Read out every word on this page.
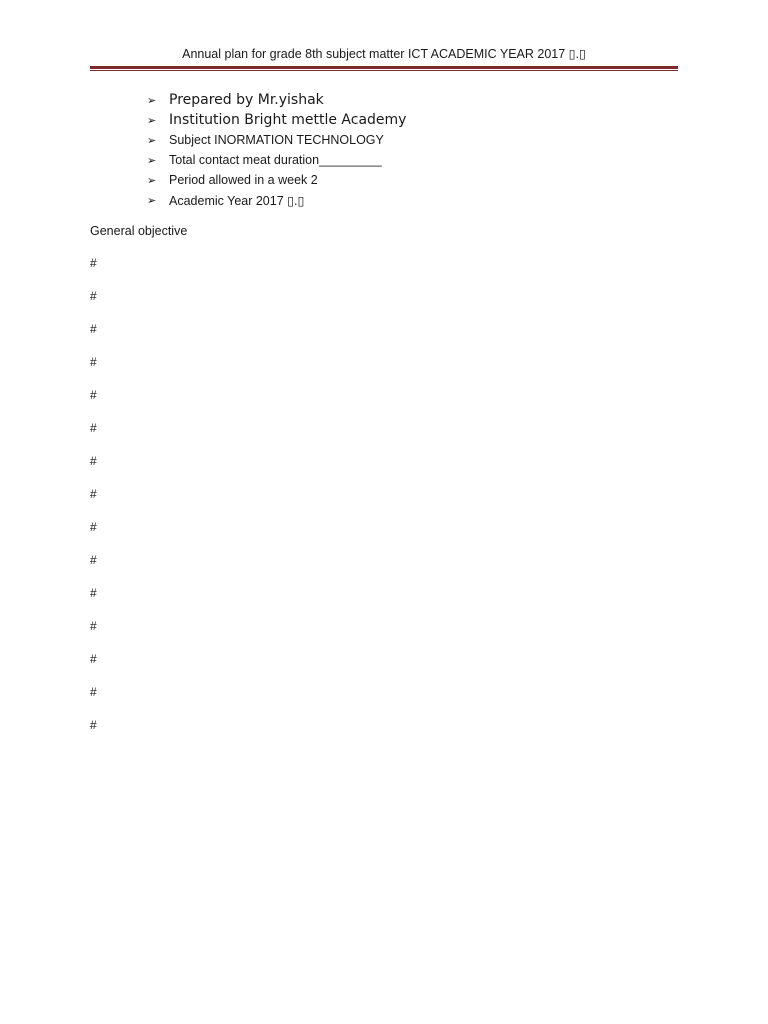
Annual plan for grade 8th subject matter ICT ACADEMIC YEAR 2017 ▯.▯
➢ Prepared by Mr.yishak
➢ Institution Bright mettle Academy
➢	Subject INORMATION TECHNOLOGY
➢	Total contact meat duration_________
➢	Period allowed in a week 2
➢	Academic Year 2017 ▯.▯
General objective
#
#
#
#
#
#
#
#
#
#
#
#
#
#
#
